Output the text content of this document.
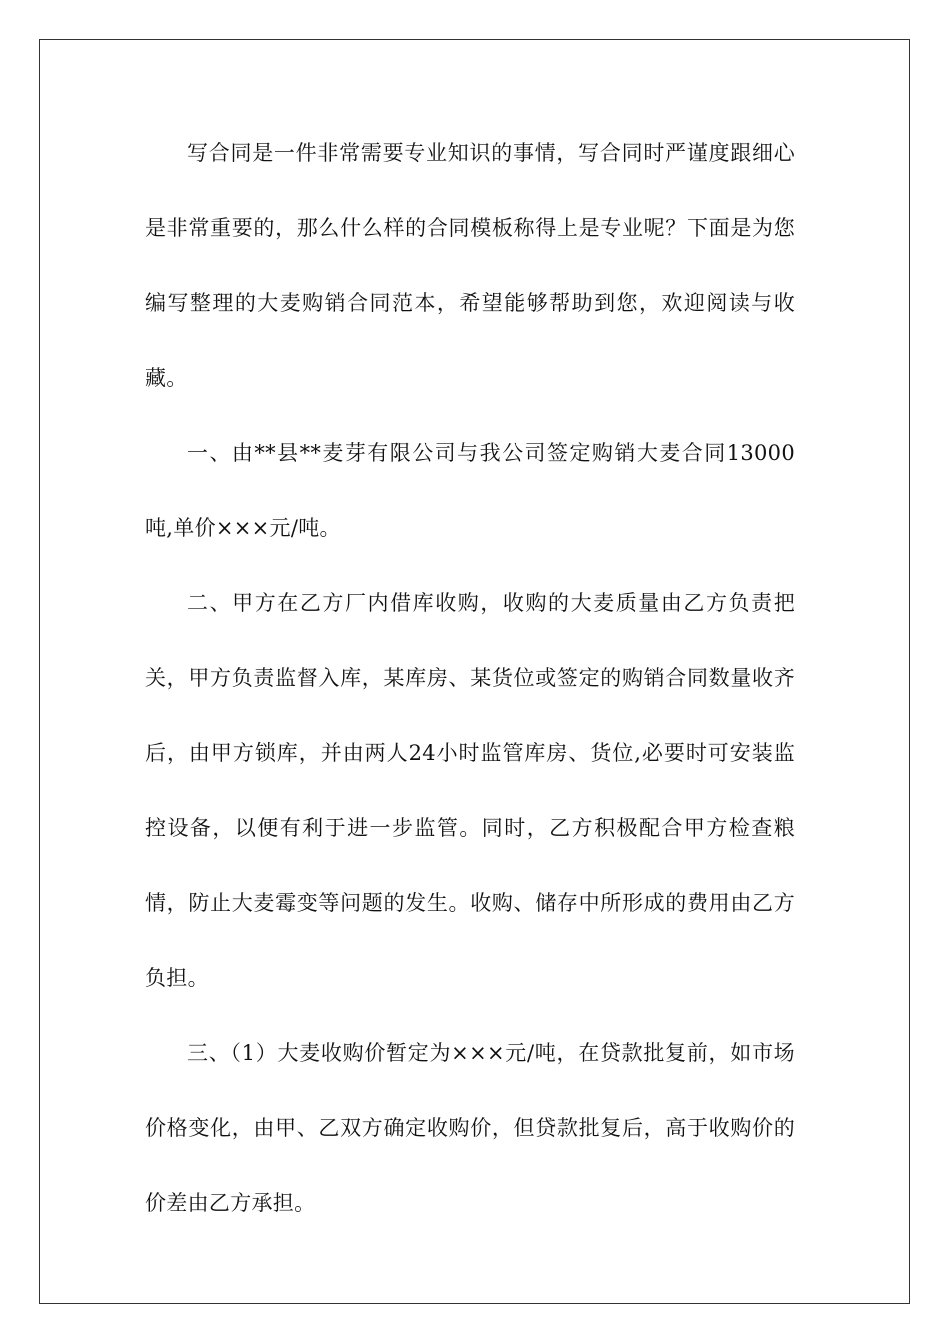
写合同是一件非常需要专业知识的事情，写合同时严谨度跟细心是非常重要的，那么什么样的合同模板称得上是专业呢？下面是为您编写整理的大麦购销合同范本，希望能够帮助到您，欢迎阅读与收藏。

一、由**县**麦芽有限公司与我公司签定购销大麦合同13000吨,单价×××元/吨。

二、甲方在乙方厂内借库收购，收购的大麦质量由乙方负责把关，甲方负责监督入库，某库房、某货位或签定的购销合同数量收齐后，由甲方锁库，并由两人24小时监管库房、货位,必要时可安装监控设备，以便有利于进一步监管。同时，乙方积极配合甲方检查粮情，防止大麦霉变等问题的发生。收购、储存中所形成的费用由乙方负担。

三、（1）大麦收购价暂定为×××元/吨，在贷款批复前，如市场价格变化，由甲、乙双方确定收购价，但贷款批复后，高于收购价的价差由乙方承担。
